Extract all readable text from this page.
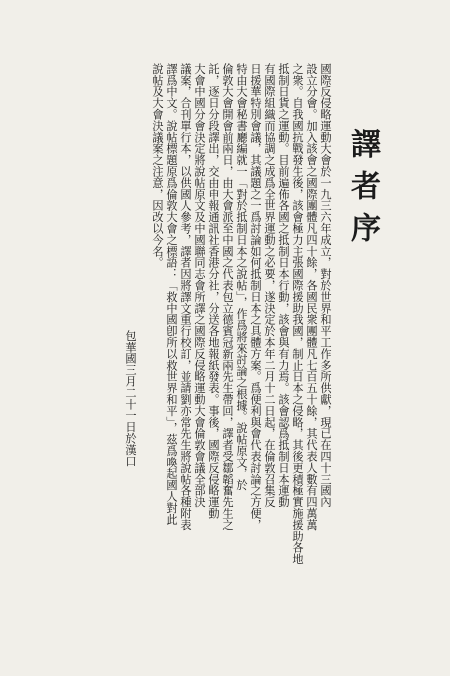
譯者序
國際反侵略運動大會於一九三六年成立，對於世界和平工作多所供獻，現已在四十三國內
設立分會。加入該會之國際團體凡四十餘，各國民衆團體凡七百五十餘，其代表人數有四萬萬
之衆。自我國抗戰發生後，該會極力主張國際援助我國，制止日本之侵略，其後更積極實施援助各地
抵制日貨之運動。目前遍佈各國之抵制日本行動，該會與有力焉。該會認爲抵制日本運動
有國際組織而協調之成爲全世界運動之必要，遂決定於本年二月十二日起，在倫敦召集反
日援華特別會議，其議題之一爲討論如何抵制日本之具體方案。爲便利與會代表討論之方便，
特由大會秘書廳編就一「對於抵制日本之說帖」，作爲將來討論之根據。說帖原文，於
倫敦大會開會前兩日，由大會派至中國之代表包立德賓冠新兩先生帶回，譯者受鄒韜奮先生之
託，逐日分段譯出，交由申報通訊社香港分社，分送各地報紙發表。事後，國際反侵略運動
大會中國分會決定將說帖原文及中國聯同志會所譯之國際反侵略運動大會倫敦會議全部決
議案，合刊單行本，以供國人參考，譯者因將譯文重行校訂，並請劉亦常先生將說帖各種附表
譯爲中文。說帖標題原爲倫敦大會之標語：「救中國卽所以救世界和平」，茲爲喚起國人對此
說帖及大會決議案之注意，因改以今名。
包華國三月二十一日於漢口
